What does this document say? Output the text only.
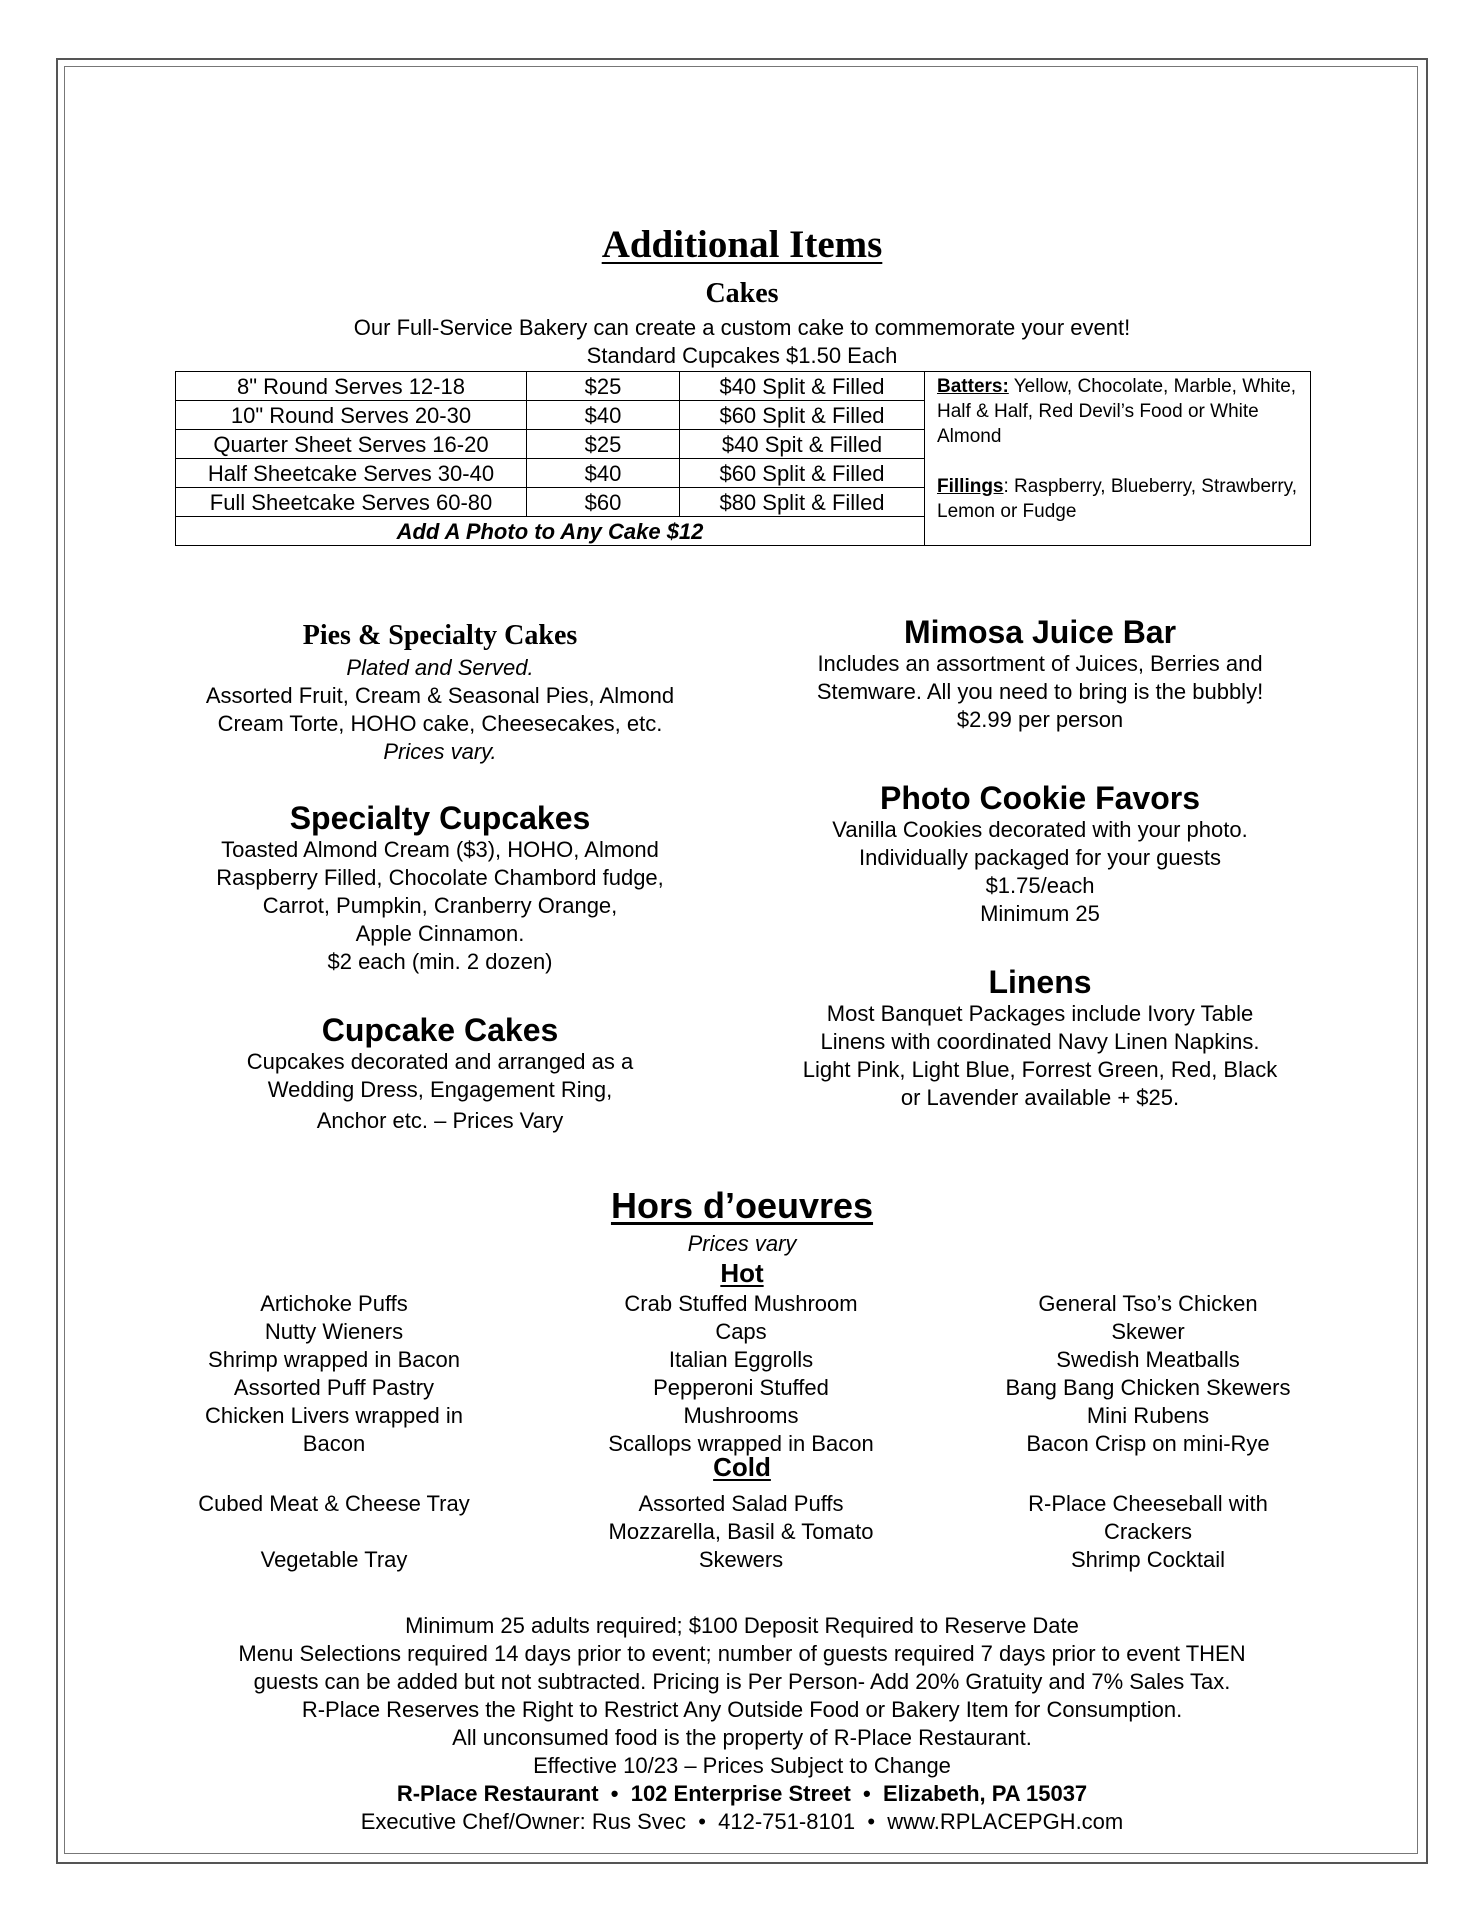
Additional Items
Cakes
Our Full-Service Bakery can create a custom cake to commemorate your event!
Standard Cupcakes $1.50 Each
8" Round Serves 12-18	$25	$40 Split & Filled	Batters: Yellow, Chocolate, Marble, White, Half & Half, Red Devil’s Food or White Almond
Fillings: Raspberry, Blueberry, Strawberry, Lemon or Fudge

10" Round Serves 20-30	$40	$60 Split & Filled	
Quarter Sheet Serves 16-20	$25	$40 Spit & Filled	
Half Sheetcake Serves 30-40	$40	$60 Split & Filled	
Full Sheetcake Serves 60-80	$60	$80 Split & Filled	
Add A Photo to Any Cake $12			
Pies & Specialty Cakes
Plated and Served.
Assorted Fruit, Cream & Seasonal Pies, Almond
Cream Torte, HOHO cake, Cheesecakes, etc.
Prices vary.
Specialty Cupcakes
Toasted Almond Cream ($3), HOHO, Almond
Raspberry Filled, Chocolate Chambord fudge,
Carrot, Pumpkin, Cranberry Orange,
Apple Cinnamon.
$2 each (min. 2 dozen)
Cupcake Cakes
Cupcakes decorated and arranged as a
Wedding Dress, Engagement Ring,
Anchor etc. – Prices Vary
Mimosa Juice Bar
Includes an assortment of Juices, Berries and
Stemware. All you need to bring is the bubbly!
$2.99 per person
Photo Cookie Favors
Vanilla Cookies decorated with your photo.
Individually packaged for your guests
$1.75/each
Minimum 25
Linens
Most Banquet Packages include Ivory Table
Linens with coordinated Navy Linen Napkins.
Light Pink, Light Blue, Forrest Green, Red, Black
or Lavender available + $25.
Hors d’oeuvres
Prices vary
Hot
Cold
Artichoke Puffs
Nutty Wieners
Shrimp wrapped in Bacon
Assorted Puff Pastry
Chicken Livers wrapped in
Bacon
Crab Stuffed Mushroom
Caps
Italian Eggrolls
Pepperoni Stuffed
Mushrooms
Scallops wrapped in Bacon
General Tso’s Chicken
Skewer
Swedish Meatballs
Bang Bang Chicken Skewers
Mini Rubens
Bacon Crisp on mini-Rye
Cubed Meat & Cheese Tray
Vegetable Tray
Assorted Salad Puffs
Mozzarella, Basil & Tomato
Skewers
R-Place Cheeseball with
Crackers
Shrimp Cocktail
Minimum 25 adults required; $100 Deposit Required to Reserve Date
Menu Selections required 14 days prior to event; number of guests required 7 days prior to event THEN
guests can be added but not subtracted. Pricing is Per Person- Add 20% Gratuity and 7% Sales Tax.
R-Place Reserves the Right to Restrict Any Outside Food or Bakery Item for Consumption.
All unconsumed food is the property of R-Place Restaurant.
Effective 10/23 – Prices Subject to Change
R-Place Restaurant  •  102 Enterprise Street  •  Elizabeth, PA 15037
Executive Chef/Owner: Rus Svec  •  412-751-8101  •  www.RPLACEPGH.com
